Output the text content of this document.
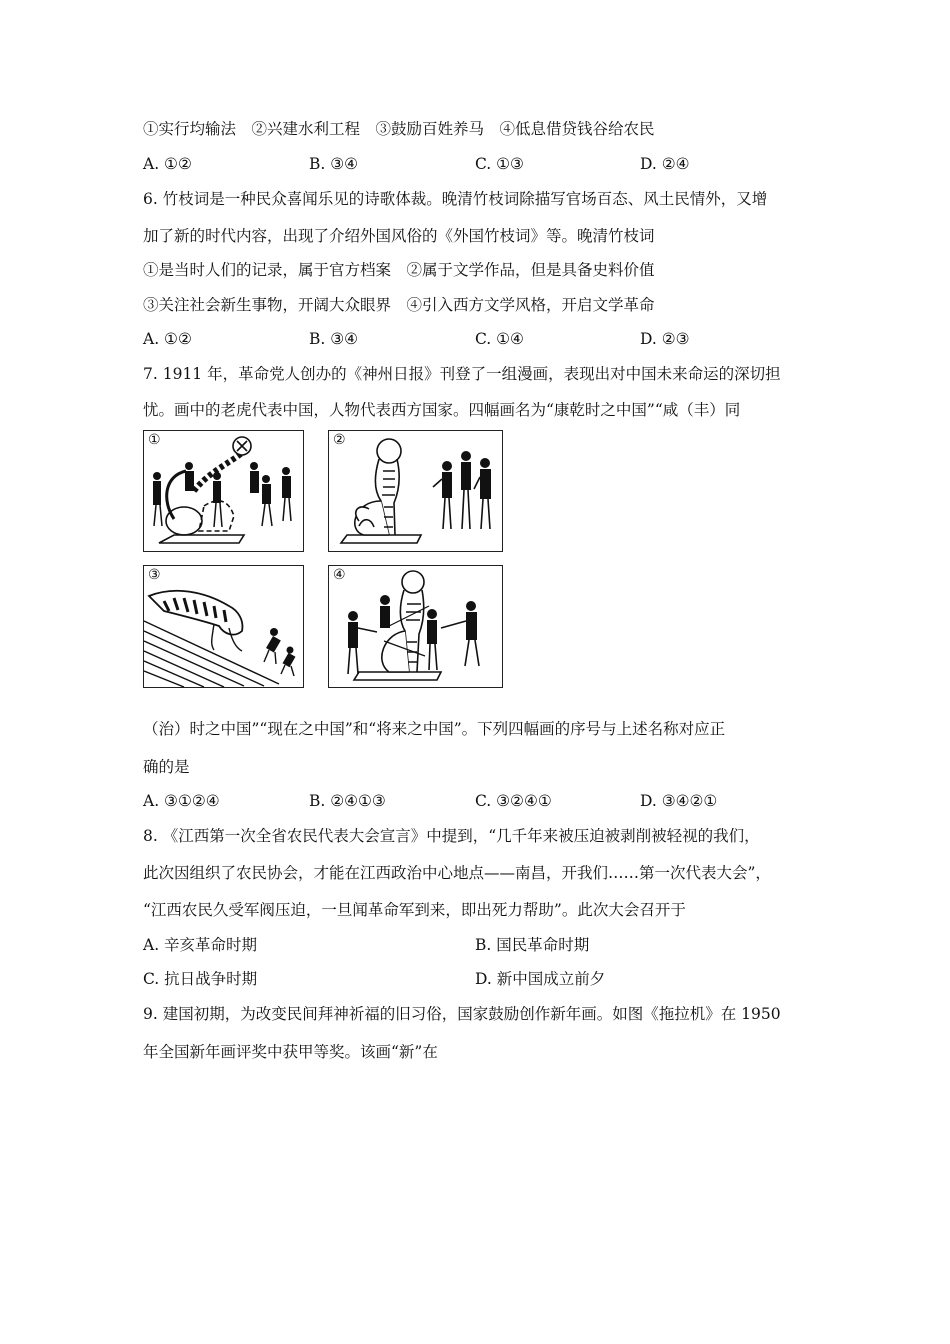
①实行均输法　②兴建水利工程　③鼓励百姓养马　④低息借贷钱谷给农民
A. ①②	B. ③④	C. ①③	D. ②④
6. 竹枝词是一种民众喜闻乐见的诗歌体裁。晚清竹枝词除描写官场百态、风土民情外，又增
加了新的时代内容，出现了介绍外国风俗的《外国竹枝词》等。晚清竹枝词
①是当时人们的记录，属于官方档案　②属于文学作品，但是具备史料价值
③关注社会新生事物，开阔大众眼界　④引入西方文学风格，开启文学革命
A. ①②	B. ③④	C. ①④	D. ②③
7. 1911 年，革命党人创办的《神州日报》刊登了一组漫画，表现出对中国未来命运的深切担
忧。画中的老虎代表中国，人物代表西方国家。四幅画名为“康乾时之中国”“咸（丰）同
①	②
③	④
（治）时之中国”“现在之中国”和“将来之中国”。下列四幅画的序号与上述名称对应正
确的是
A. ③①②④	B. ②④①③	C. ③②④①	D. ③④②①
8. 《江西第一次全省农民代表大会宣言》中提到，“几千年来被压迫被剥削被轻视的我们，
此次因组织了农民协会，才能在江西政治中心地点——南昌，开我们……第一次代表大会”，
“江西农民久受军阀压迫，一旦闻革命军到来，即出死力帮助”。此次大会召开于
A. 辛亥革命时期	B. 国民革命时期
C. 抗日战争时期	D. 新中国成立前夕
9. 建国初期，为改变民间拜神祈福的旧习俗，国家鼓励创作新年画。如图《拖拉机》在 1950
年全国新年画评奖中获甲等奖。该画“新”在
